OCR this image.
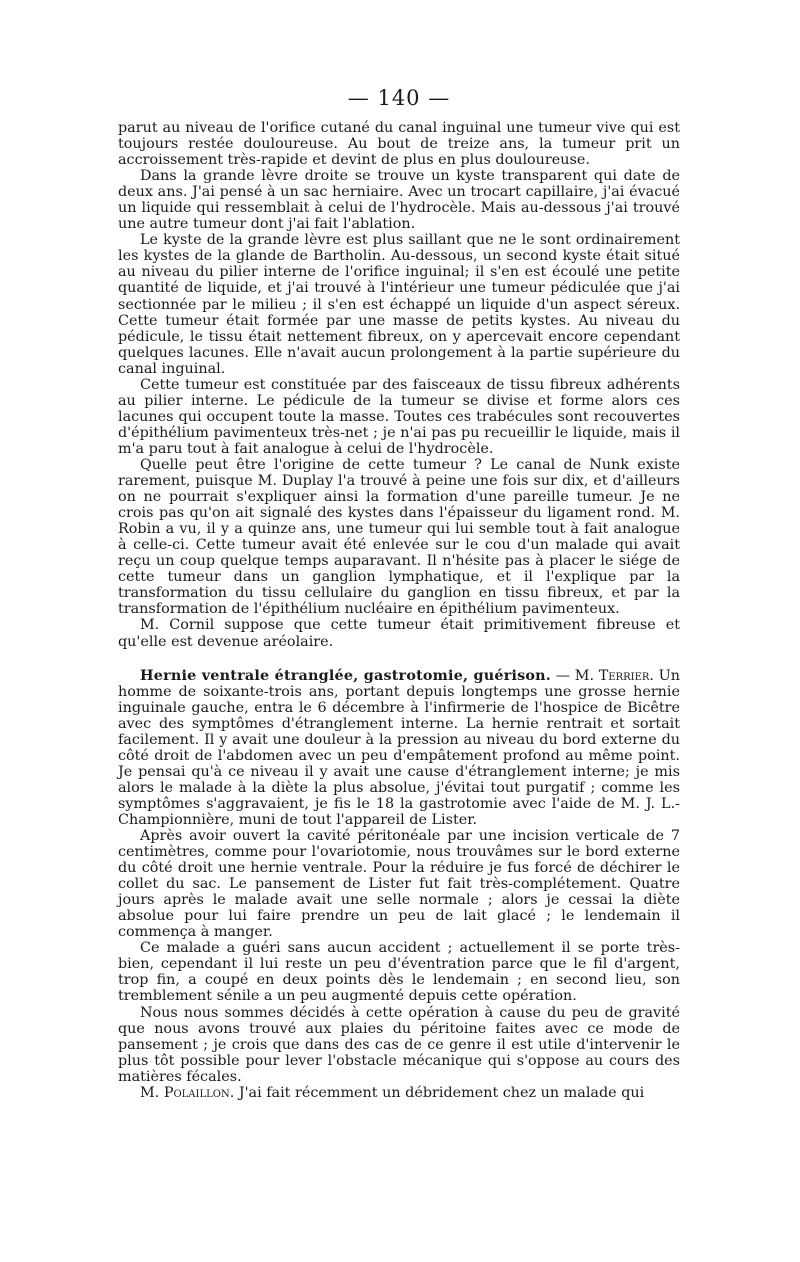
— 140 —

parut au niveau de l'orifice cutané du canal inguinal une tumeur vive qui est toujours restée douloureuse. Au bout de treize ans, la tumeur prit un accroissement très-rapide et devint de plus en plus douloureuse.

Dans la grande lèvre droite se trouve un kyste transparent qui date de deux ans. J'ai pensé à un sac herniaire. Avec un trocart capillaire, j'ai évacué un liquide qui ressemblait à celui de l'hydrocèle. Mais au-dessous j'ai trouvé une autre tumeur dont j'ai fait l'ablation.

Le kyste de la grande lèvre est plus saillant que ne le sont ordinairement les kystes de la glande de Bartholin. Au-dessous, un second kyste était situé au niveau du pilier interne de l'orifice inguinal; il s'en est écoulé une petite quantité de liquide, et j'ai trouvé à l'intérieur une tumeur pédiculée que j'ai sectionnée par le milieu ; il s'en est échappé un liquide d'un aspect séreux. Cette tumeur était formée par une masse de petits kystes. Au niveau du pédicule, le tissu était nettement fibreux, on y apercevait encore cependant quelques lacunes. Elle n'avait aucun prolongement à la partie supérieure du canal inguinal.

Cette tumeur est constituée par des faisceaux de tissu fibreux adhérents au pilier interne. Le pédicule de la tumeur se divise et forme alors ces lacunes qui occupent toute la masse. Toutes ces trabécules sont recouvertes d'épithélium pavimenteux très-net ; je n'ai pas pu recueillir le liquide, mais il m'a paru tout à fait analogue à celui de l'hydrocèle.

Quelle peut être l'origine de cette tumeur ? Le canal de Nunk existe rarement, puisque M. Duplay l'a trouvé à peine une fois sur dix, et d'ailleurs on ne pourrait s'expliquer ainsi la formation d'une pareille tumeur. Je ne crois pas qu'on ait signalé des kystes dans l'épaisseur du ligament rond. M. Robin a vu, il y a quinze ans, une tumeur qui lui semble tout à fait analogue à celle-ci. Cette tumeur avait été enlevée sur le cou d'un malade qui avait reçu un coup quelque temps auparavant. Il n'hésite pas à placer le siége de cette tumeur dans un ganglion lymphatique, et il l'explique par la transformation du tissu cellulaire du ganglion en tissu fibreux, et par la transformation de l'épithélium nucléaire en épithélium pavimenteux.

M. Cornil suppose que cette tumeur était primitivement fibreuse et qu'elle est devenue aréolaire.

Hernie ventrale étranglée, gastrotomie, guérison. — M. Terrier. Un homme de soixante-trois ans, portant depuis longtemps une grosse hernie inguinale gauche, entra le 6 décembre à l'infirmerie de l'hospice de Bicêtre avec des symptômes d'étranglement interne. La hernie rentrait et sortait facilement. Il y avait une douleur à la pression au niveau du bord externe du côté droit de l'abdomen avec un peu d'empâtement profond au même point. Je pensai qu'à ce niveau il y avait une cause d'étranglement interne; je mis alors le malade à la diète la plus absolue, j'évitai tout purgatif ; comme les symptômes s'aggravaient, je fis le 18 la gastrotomie avec l'aide de M. J. L.-Championnière, muni de tout l'appareil de Lister.

Après avoir ouvert la cavité péritonéale par une incision verticale de 7 centimètres, comme pour l'ovariotomie, nous trouvâmes sur le bord externe du côté droit une hernie ventrale. Pour la réduire je fus forcé de déchirer le collet du sac. Le pansement de Lister fut fait très-complétement. Quatre jours après le malade avait une selle normale ; alors je cessai la diète absolue pour lui faire prendre un peu de lait glacé ; le lendemain il commença à manger.

Ce malade a guéri sans aucun accident ; actuellement il se porte très-bien, cependant il lui reste un peu d'éventration parce que le fil d'argent, trop fin, a coupé en deux points dès le lendemain ; en second lieu, son tremblement sénile a un peu augmenté depuis cette opération.

Nous nous sommes décidés à cette opération à cause du peu de gravité que nous avons trouvé aux plaies du péritoine faites avec ce mode de pansement ; je crois que dans des cas de ce genre il est utile d'intervenir le plus tôt possible pour lever l'obstacle mécanique qui s'oppose au cours des matières fécales.

M. Polaillon. J'ai fait récemment un débridement chez un malade qui
